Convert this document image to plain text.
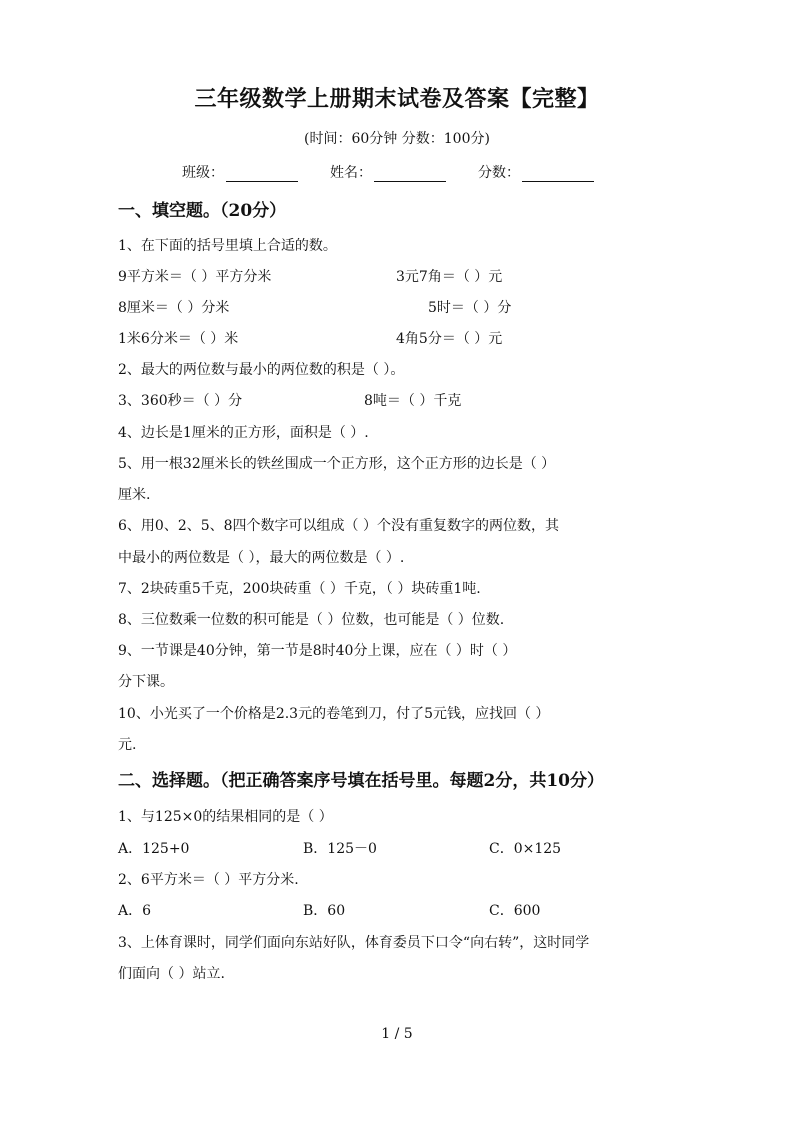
三年级数学上册期末试卷及答案【完整】
(时间：60分钟 分数：100分)
班级：	姓名：	分数：
一、填空题。（20分）
1、在下面的括号里填上合适的数。
9平方米＝（ ）平方分米	3元7角＝（ ）元
8厘米＝（ ）分米	5时＝（ ）分
1米6分米＝（ ）米	4角5分＝（ ）元
2、最大的两位数与最小的两位数的积是（ ）。
3、360秒＝（ ）分	8吨＝（ ）千克
4、边长是1厘米的正方形，面积是（ ）.
5、用一根32厘米长的铁丝围成一个正方形，这个正方形的边长是（ ）
厘米.
6、用0、2、5、8四个数字可以组成（ ）个没有重复数字的两位数，其
中最小的两位数是（ ），最大的两位数是（ ）.
7、2块砖重5千克，200块砖重（ ）千克，（ ）块砖重1吨.
8、三位数乘一位数的积可能是（ ）位数，也可能是（ ）位数.
9、一节课是40分钟，第一节是8时40分上课，应在（ ）时（ ）
分下课。
10、小光买了一个价格是2.3元的卷笔到刀，付了5元钱，应找回（ ）
元.
二、选择题。（把正确答案序号填在括号里。每题2分，共10分）
1、与125×0的结果相同的是（ ）
A．125+0	B．125－0	C．0×125
2、6平方米＝（ ）平方分米.
A．6	B．60	C．600
3、上体育课时，同学们面向东站好队，体育委员下口令“向右转”，这时同学
们面向（ ）站立.
1 / 5
